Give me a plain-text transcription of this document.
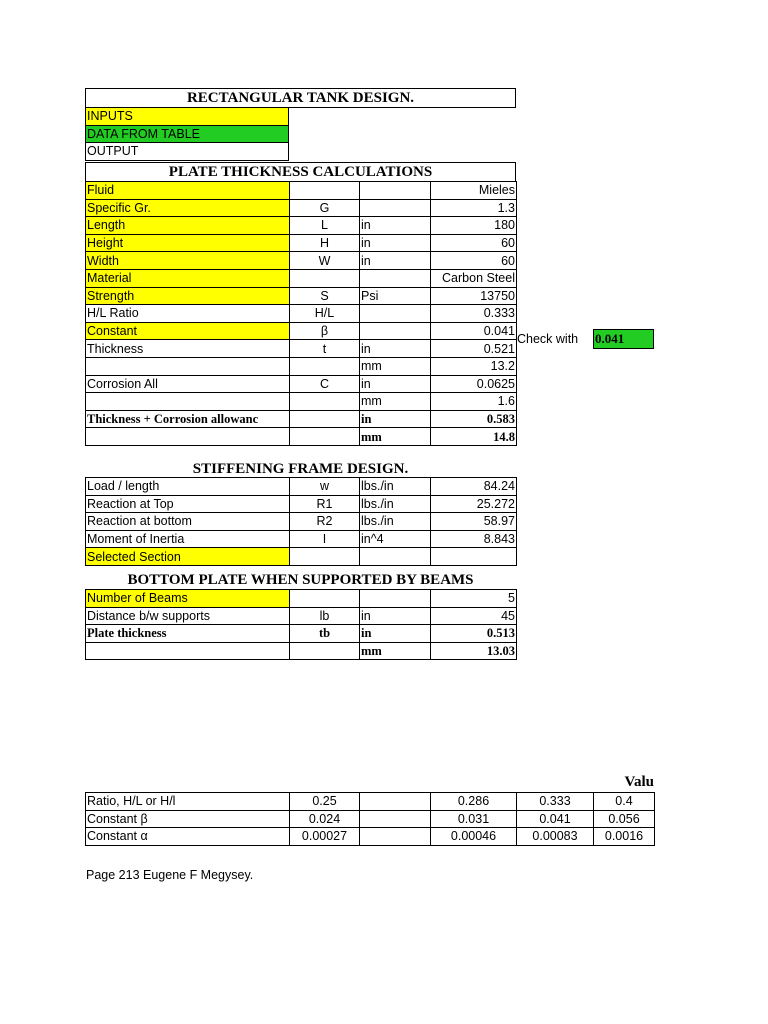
RECTANGULAR TANK DESIGN.
INPUTS
DATA FROM TABLE
OUTPUT
PLATE THICKNESS CALCULATIONS
Fluid			Mieles
Specific Gr.	G		1.3
Length	L	in	180
Height	H	in	60
Width	W	in	60
Material			Carbon Steel
Strength	S	Psi	13750
H/L Ratio	H/L		0.333
Constant	β		0.041
Thickness	t	in	0.521
		mm	13.2
Corrosion All	C	in	0.0625
		mm	1.6
Thickness + Corrosion allowanc		in	0.583
		mm	14.8
Check with 0.041
STIFFENING FRAME DESIGN.
Load / length	w	lbs./in	84.24
Reaction at Top	R1	lbs./in	25.272
Reaction at bottom	R2	lbs./in	58.97
Moment of Inertia	I	in^4	8.843
Selected Section			
BOTTOM PLATE WHEN SUPPORTED BY BEAMS
Number of Beams			5
Distance b/w supports	lb	in	45
Plate thickness	tb	in	0.513
		mm	13.03
Valu
Ratio, H/L or H/l	0.25		0.286	0.333	0.4
Constant β	0.024		0.031	0.041	0.056
Constant α	0.00027		0.00046	0.00083	0.0016
Page 213 Eugene F Megysey.
